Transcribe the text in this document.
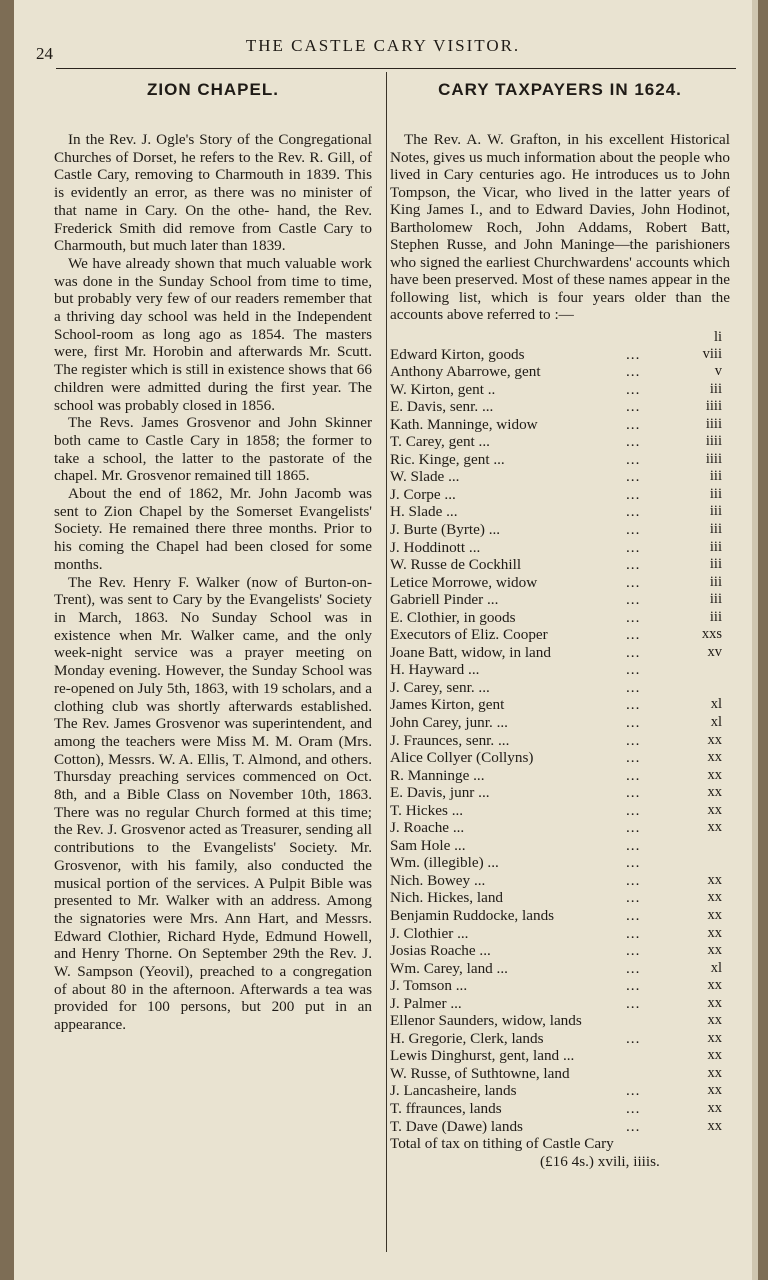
24	THE CASTLE CARY VISITOR.
ZION CHAPEL.

In the Rev. J. Ogle's Story of the Congregational Churches of Dorset, he refers to the Rev. R. Gill, of Castle Cary, removing to Charmouth in 1839. This is evidently an error, as there was no minister of that name in Cary. On the othe- hand, the Rev. Frederick Smith did remove from Castle Cary to Charmouth, but much later than 1839.

We have already shown that much valuable work was done in the Sunday School from time to time, but probably very few of our readers remember that a thriving day school was held in the Independent School-room as long ago as 1854. The masters were, first Mr. Horobin and afterwards Mr. Scutt. The register which is still in existence shows that 66 children were admitted during the first year. The school was probably closed in 1856.

The Revs. James Grosvenor and John Skinner both came to Castle Cary in 1858; the former to take a school, the latter to the pastorate of the chapel. Mr. Grosvenor remained till 1865.

About the end of 1862, Mr. John Jacomb was sent to Zion Chapel by the Somerset Evangelists' Society. He remained there three months. Prior to his coming the Chapel had been closed for some months.

The Rev. Henry F. Walker (now of Burton-on-Trent), was sent to Cary by the Evangelists' Society in March, 1863. No Sunday School was in existence when Mr. Walker came, and the only week-night service was a prayer meeting on Monday evening. However, the Sunday School was re-opened on July 5th, 1863, with 19 scholars, and a clothing club was shortly afterwards established. The Rev. James Grosvenor was superintendent, and among the teachers were Miss M. M. Oram (Mrs. Cotton), Messrs. W. A. Ellis, T. Almond, and others. Thursday preaching services commenced on Oct. 8th, and a Bible Class on November 10th, 1863. There was no regular Church formed at this time; the Rev. J. Grosvenor acted as Treasurer, sending all contributions to the Evangelists' Society. Mr. Grosvenor, with his family, also conducted the musical portion of the services. A Pulpit Bible was presented to Mr. Walker with an address. Among the signatories were Mrs. Ann Hart, and Messrs. Edward Clothier, Richard Hyde, Edmund Howell, and Henry Thorne. On September 29th the Rev. J. W. Sampson (Yeovil), preached to a congregation of about 80 in the afternoon. Afterwards a tea was provided for 100 persons, but 200 put in an appearance.

CARY TAXPAYERS IN 1624.

The Rev. A. W. Grafton, in his excellent Historical Notes, gives us much information about the people who lived in Cary centuries ago. He introduces us to John Tompson, the Vicar, who lived in the latter years of King James I., and to Edward Davies, John Hodinot, Bartholomew Roch, John Addams, Robert Batt, Stephen Russe, and John Maninge—the parishioners who signed the earliest Churchwardens' accounts which have been preserved. Most of these names appear in the following list, which is four years older than the accounts above referred to :—

li
Edward Kirton, goods	...	viii
Anthony Abarrowe, gent	...	v
W. Kirton, gent ..	...	iii
E. Davis, senr. ...	...	iiii
Kath. Manninge, widow	...	iiii
T. Carey, gent ...	...	iiii
Ric. Kinge, gent ...	...	iiii
W. Slade ...	...	iii
J. Corpe ...	...	iii
H. Slade ...	...	iii
J. Burte (Byrte) ...	...	iii
J. Hoddinott ...	...	iii
W. Russe de Cockhill	...	iii
Letice Morrowe, widow	...	iii
Gabriell Pinder ...	...	iii
E. Clothier, in goods	...	iii
Executors of Eliz. Cooper	...	xxs
Joane Batt, widow, in land	...	xv
H. Hayward ...	...
J. Carey, senr. ...	...
James Kirton, gent	...	xl
John Carey, junr. ...	...	xl
J. Fraunces, senr. ...	...	xx
Alice Collyer (Collyns)	...	xx
R. Manninge ...	...	xx
E. Davis, junr ...	...	xx
T. Hickes ...	...	xx
J. Roache ...	...	xx
Sam Hole ...	...
Wm. (illegible) ...	...
Nich. Bowey ...	...	xx
Nich. Hickes, land	...	xx
Benjamin Ruddocke, lands	...	xx
J. Clothier ...	...	xx
Josias Roache ...	...	xx
Wm. Carey, land ...	...	xl
J. Tomson ...	...	xx
J. Palmer ...	...	xx
Ellenor Saunders, widow, lands	xx
H. Gregorie, Clerk, lands	...	xx
Lewis Dinghurst, gent, land ...	xx
W. Russe, of Suthtowne, land	xx
J. Lancasheire, lands	...	xx
T. ffraunces, lands	...	xx
T. Dave (Dawe) lands	...	xx
Total of tax on tithing of Castle Cary
(£16 4s.) xvili, iiiis.
